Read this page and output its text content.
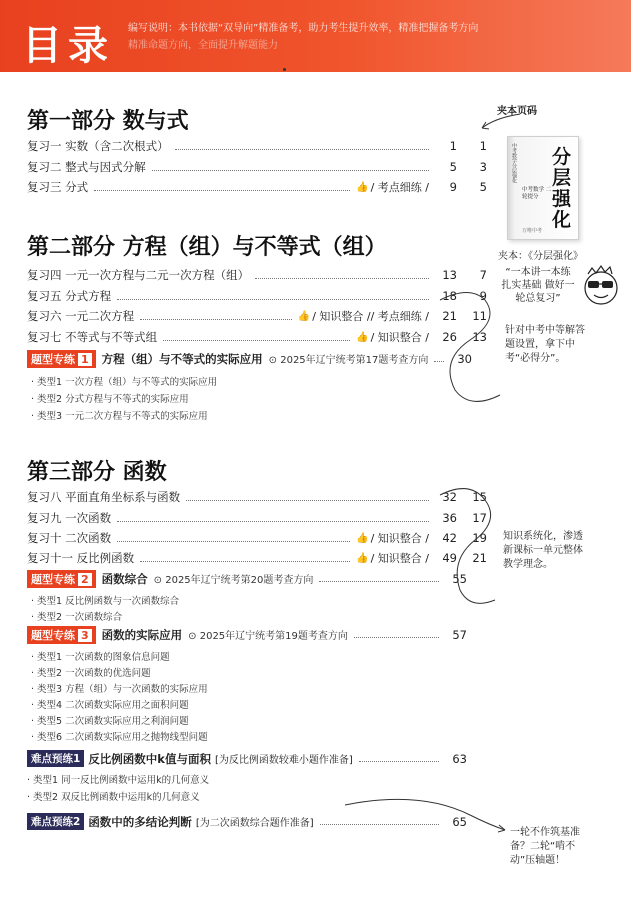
目录 编写说明：本书依据“双导向”精准备考，助力考生提升效率，精准把握备考方向
精准命题方向，全面提升解题能力
第一部分 数与式
复习一 实数（含二次根式）	1	1
复习二 整式与因式分解	5	3
复习三 分式	👍 / 考点细练 /	9	5
第二部分 方程（组）与不等式（组）
复习四 一元一次方程与二元一次方程（组）	13	7
复习五 分式方程	18	9
复习六 一元二次方程	👍 / 知识整合 // 考点细练 /	21	11
复习七 不等式与不等式组	👍 / 知识整合 /	26	13
题型专练 1	方程（组）与不等式的实际应用 ⊙ 2025年辽宁统考第17题考查方向	30
· 类型1 一次方程（组）与不等式的实际应用
· 类型2 分式方程与不等式的实际应用
· 类型3 一元二次方程与不等式的实际应用
第三部分 函数
复习八 平面直角坐标系与函数	32	15
复习九 一次函数	36	17
复习十 二次函数	👍 / 知识整合 /	42	19
复习十一 反比例函数	👍 / 知识整合 /	49	21
题型专练 2	函数综合 ⊙ 2025年辽宁统考第20题考查方向	55
· 类型1 反比例函数与一次函数综合
· 类型2 一次函数综合
题型专练 3	函数的实际应用 ⊙ 2025年辽宁统考第19题考查方向	57
· 类型1 一次函数的图象信息问题
· 类型2 一次函数的优选问题
· 类型3 方程（组）与一次函数的实际应用
· 类型4 二次函数实际应用之面积问题
· 类型5 二次函数实际应用之利润问题
· 类型6 二次函数实际应用之抛物线型问题
难点预练1 反比例函数中k值与面积 [为反比例函数较难小题作准备]	63
· 类型1 同一反比例函数中运用k的几何意义
· 类型2 双反比例函数中运用k的几何意义
难点预练2 函数中的多结论判断 [为二次函数综合题作准备]	65
夹本页码
中考数学分层强化 分层强化
中考数学 二轮提分
万唯中考
夹本：《分层强化》
“一本讲一本练 扎实基础 做好一轮总复习”
针对中考中等解答题设置，拿下中考“必得分”。
知识系统化，渗透新课标一单元整体教学理念。
一轮不作筑基准备？二轮“啃不动”压轴题！
